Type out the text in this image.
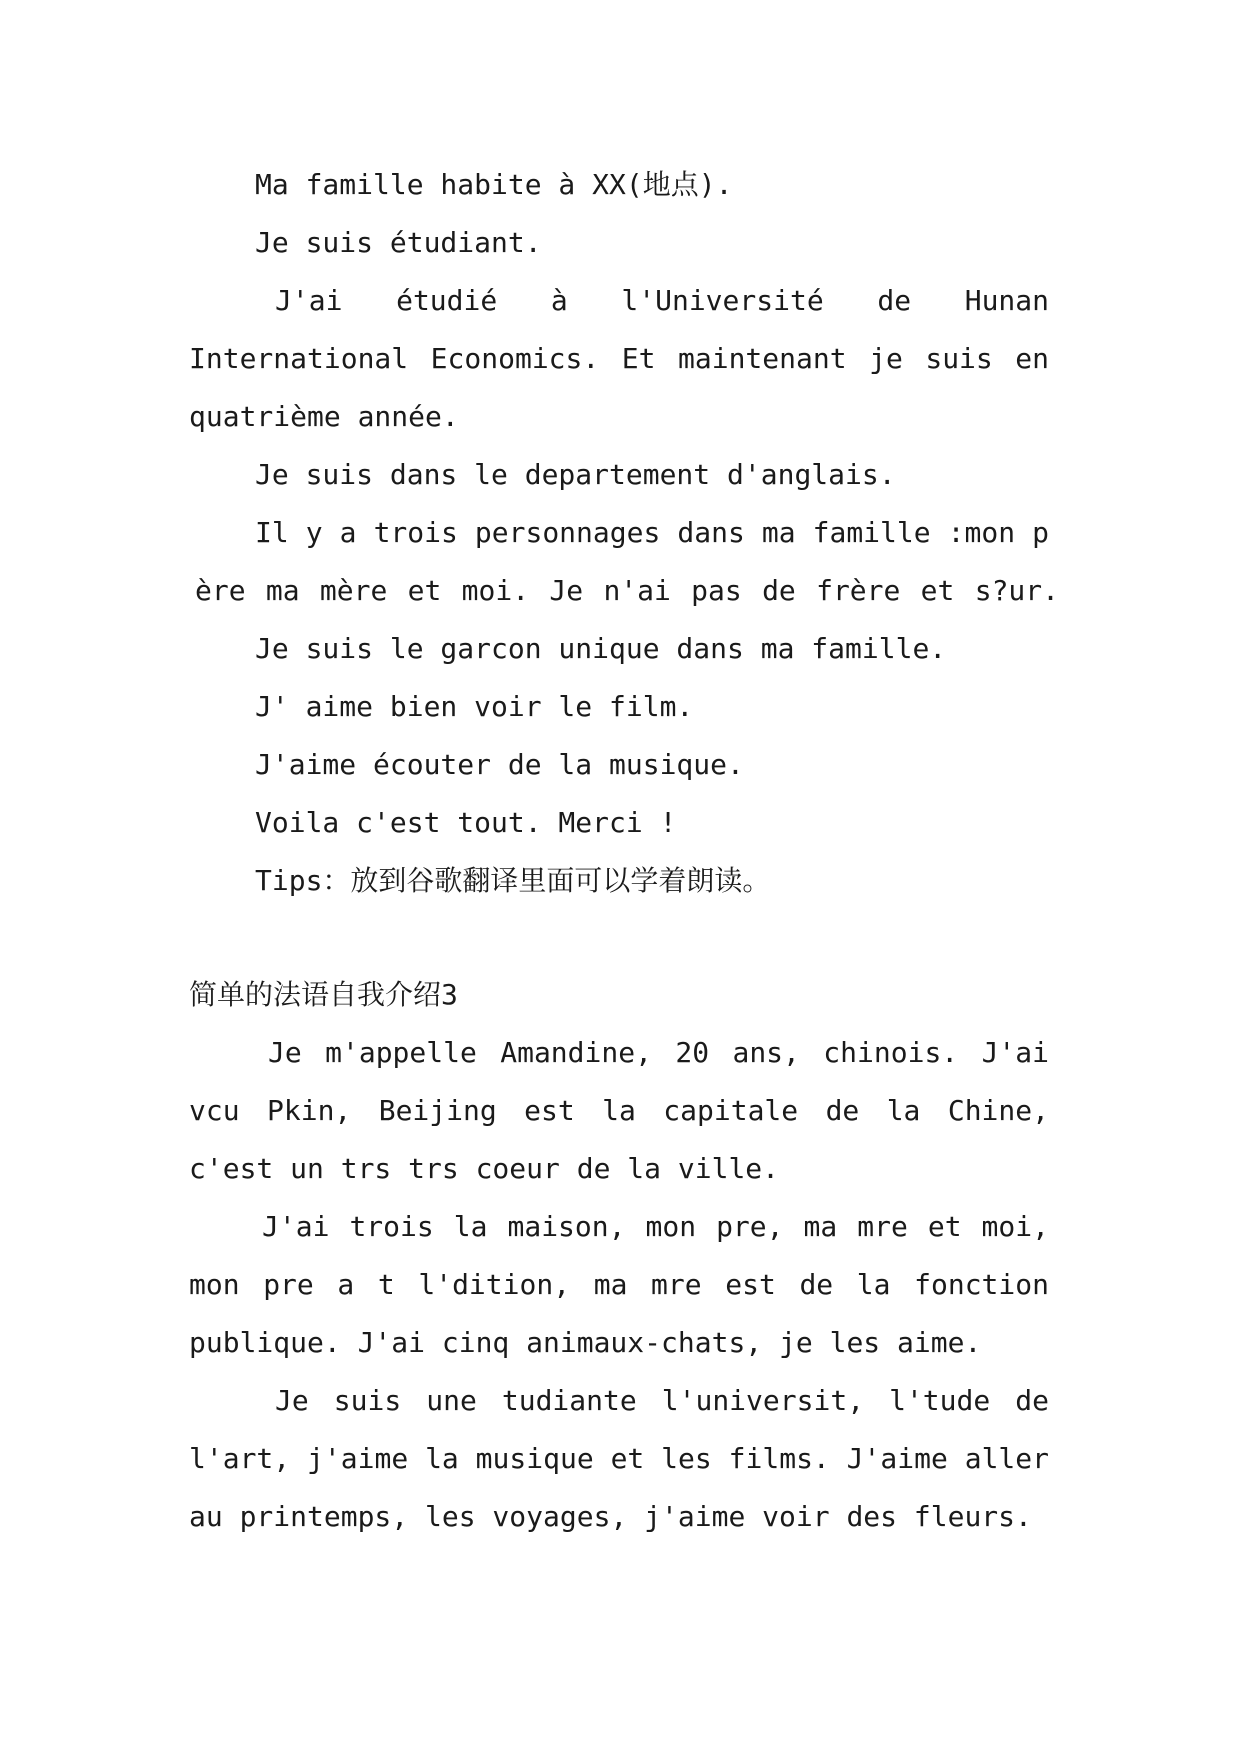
Ma famille habite à XX(地点).
Je suis étudiant.
J'ai étudié à l'Université de Hunan
International Economics. Et maintenant je suis en
quatrième année.
Je suis dans le departement d'anglais.
Il y a trois personnages dans ma famille :mon p
ère ma mère et moi. Je n'ai pas de frère et s?ur.
Je suis le garcon unique dans ma famille.
J' aime bien voir le film.
J'aime écouter de la musique.
Voila c'est tout. Merci !
Tips：放到谷歌翻译里面可以学着朗读。
简单的法语自我介绍3
Je m'appelle Amandine, 20 ans, chinois. J'ai
vcu Pkin, Beijing est la capitale de la Chine,
c'est un trs trs coeur de la ville.
J'ai trois la maison, mon pre, ma mre et moi,
mon pre a t l'dition, ma mre est de la fonction
publique. J'ai cinq animaux-chats, je les aime.
Je suis une tudiante l'universit, l'tude de
l'art, j'aime la musique et les films. J'aime aller
au printemps, les voyages, j'aime voir des fleurs.
